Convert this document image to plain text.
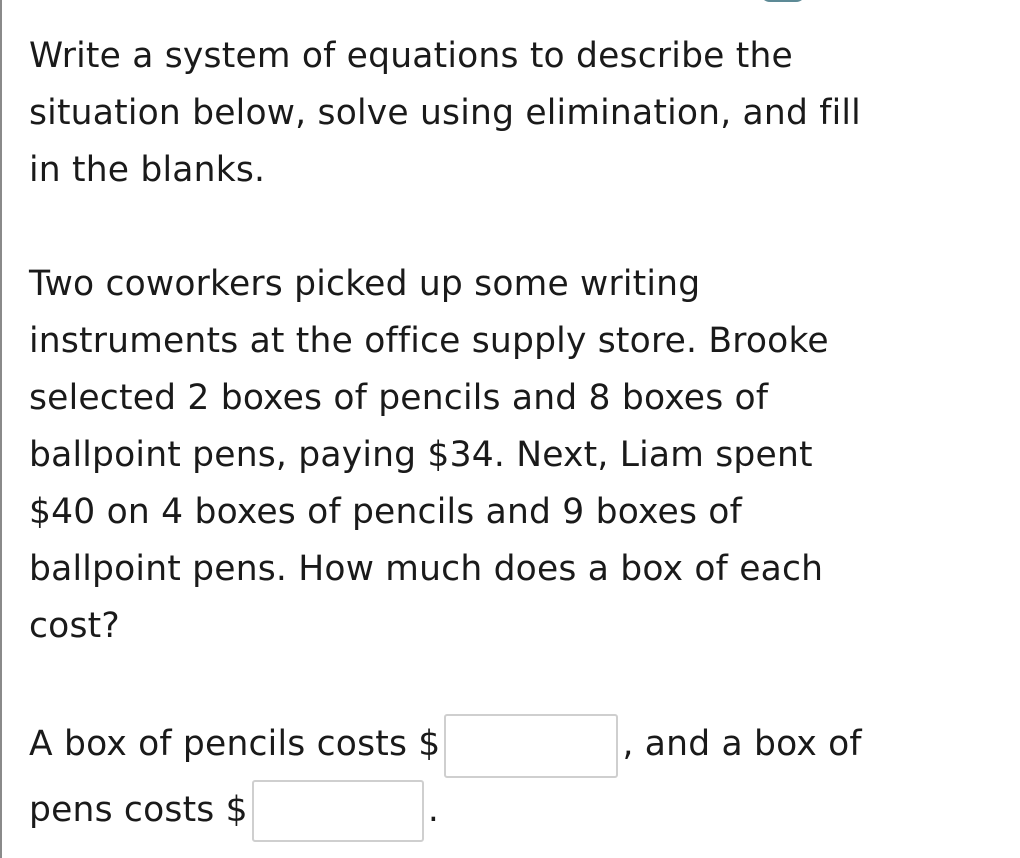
Write a system of equations to describe the
situation below, solve using elimination, and fill
in the blanks.
Two coworkers picked up some writing
instruments at the office supply store. Brooke
selected 2 boxes of pencils and 8 boxes of
ballpoint pens, paying $34. Next, Liam spent
$40 on 4 boxes of pencils and 9 boxes of
ballpoint pens. How much does a box of each
cost?
A box of pencils costs $	, and a box of
pens costs $	.
